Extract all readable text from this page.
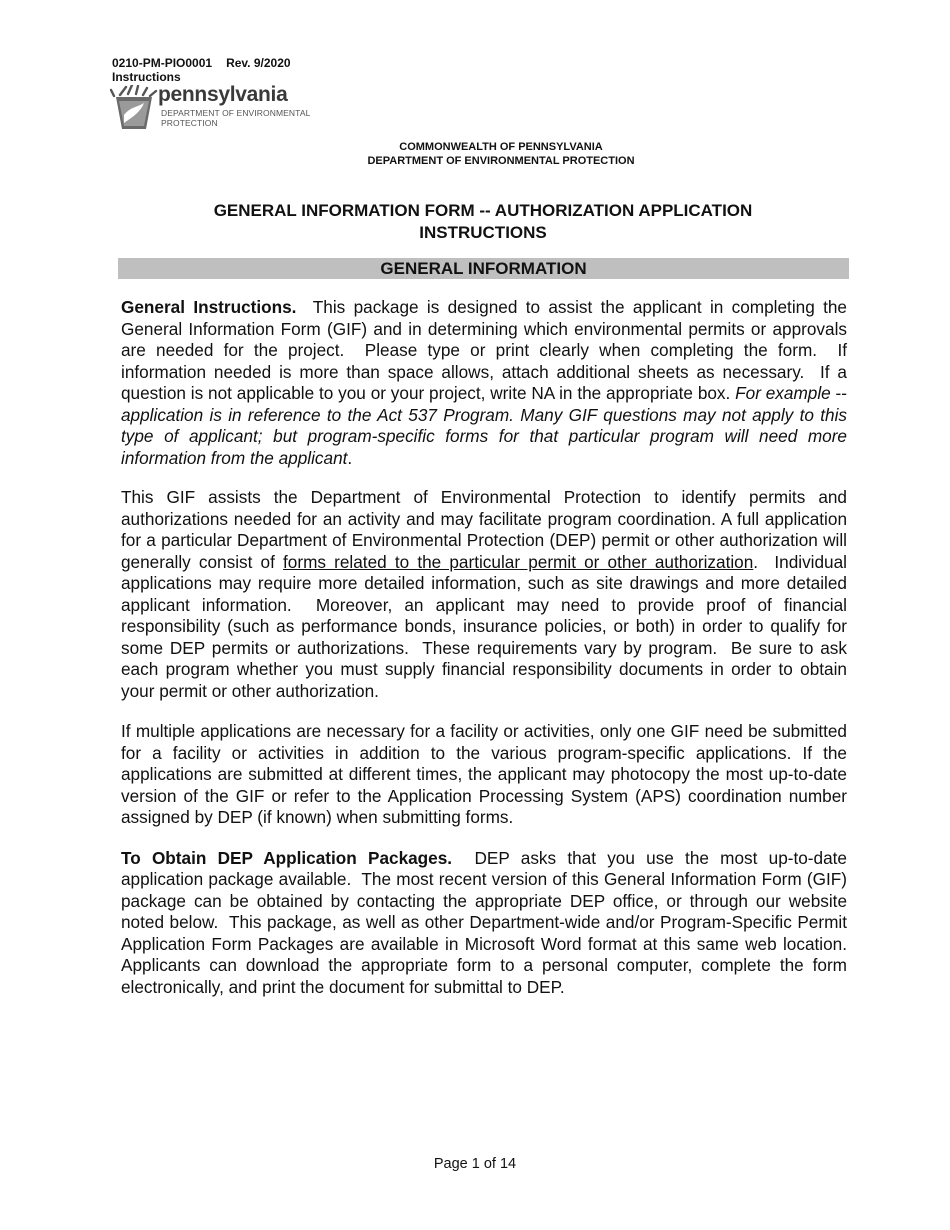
0210-PM-PIO0001 Rev. 9/2020
Instructions
pennsylvania
DEPARTMENT OF ENVIRONMENTAL
PROTECTION
COMMONWEALTH OF PENNSYLVANIA
DEPARTMENT OF ENVIRONMENTAL PROTECTION
GENERAL INFORMATION FORM -- AUTHORIZATION APPLICATION
INSTRUCTIONS
GENERAL INFORMATION

General Instructions.  This package is designed to assist the applicant in completing the General Information Form (GIF) and in determining which environmental permits or approvals are needed for the project.  Please type or print clearly when completing the form.  If information needed is more than space allows, attach additional sheets as necessary.  If a question is not applicable to you or your project, write NA in the appropriate box. For example -- application is in reference to the Act 537 Program. Many GIF questions may not apply to this type of applicant; but program-specific forms for that particular program will need more information from the applicant.

This GIF assists the Department of Environmental Protection to identify permits and authorizations needed for an activity and may facilitate program coordination. A full application for a particular Department of Environmental Protection (DEP) permit or other authorization will generally consist of forms related to the particular permit or other authorization.  Individual applications may require more detailed information, such as site drawings and more detailed applicant information.  Moreover, an applicant may need to provide proof of financial responsibility (such as performance bonds, insurance policies, or both) in order to qualify for some DEP permits or authorizations.  These requirements vary by program.  Be sure to ask each program whether you must supply financial responsibility documents in order to obtain your permit or other authorization.

If multiple applications are necessary for a facility or activities, only one GIF need be submitted for a facility or activities in addition to the various program-specific applications. If the applications are submitted at different times, the applicant may photocopy the most up-to-date version of the GIF or refer to the Application Processing System (APS) coordination number assigned by DEP (if known) when submitting forms.

To Obtain DEP Application Packages.  DEP asks that you use the most up-to-date application package available.  The most recent version of this General Information Form (GIF) package can be obtained by contacting the appropriate DEP office, or through our website noted below.  This package, as well as other Department-wide and/or Program-Specific Permit Application Form Packages are available in Microsoft Word format at this same web location.  Applicants can download the appropriate form to a personal computer, complete the form electronically, and print the document for submittal to DEP.

Page 1 of 14
